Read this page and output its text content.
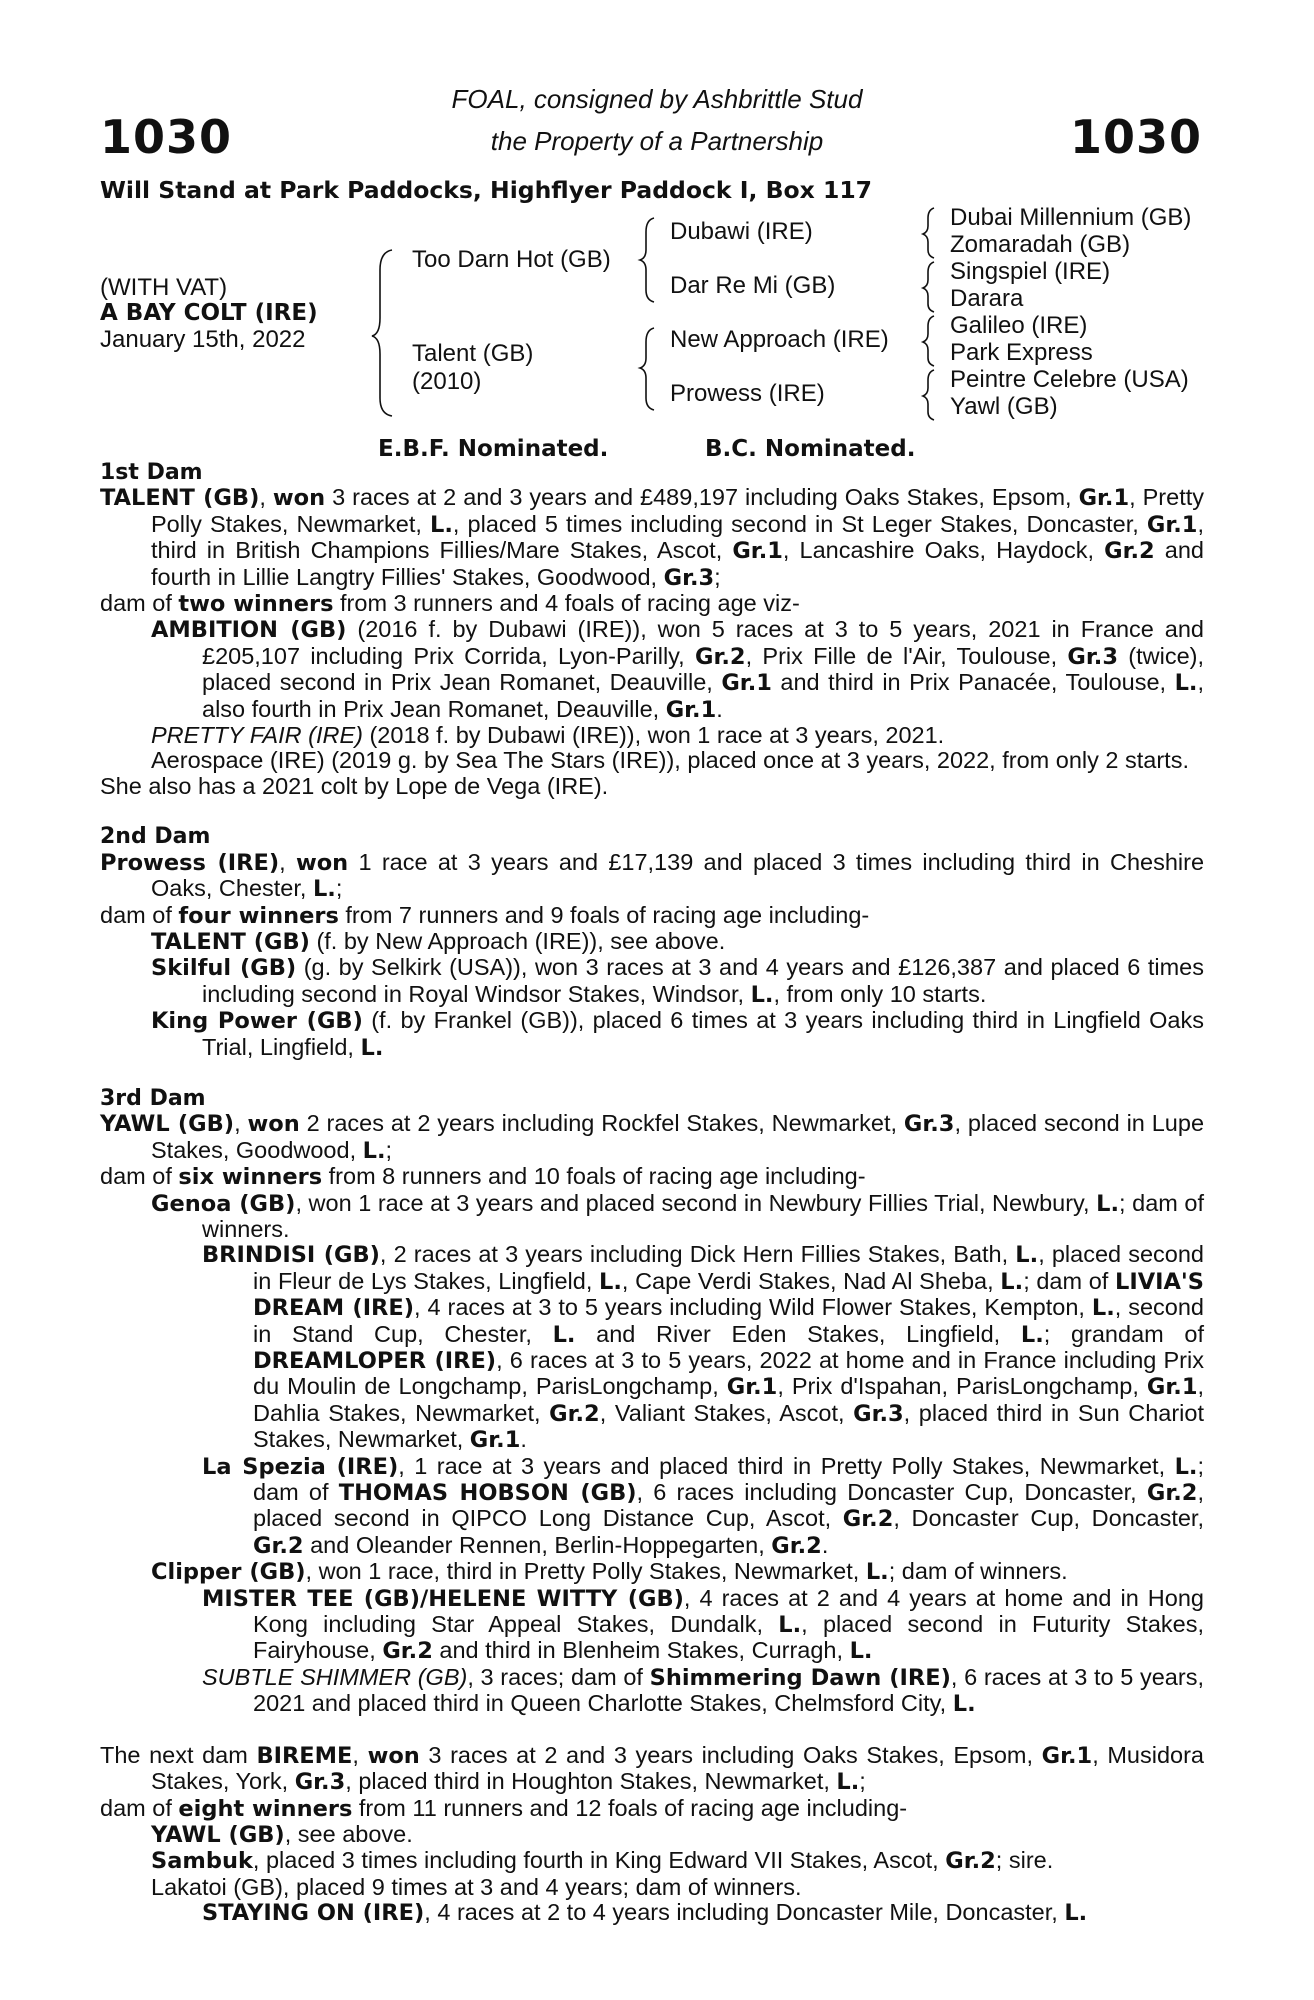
1030	1030
FOAL, consigned by Ashbrittle Stud
the Property of a Partnership
Will Stand at Park Paddocks, Highflyer Paddock I, Box 117
(WITH VAT)
A BAY COLT (IRE)
January 15th, 2022
Too Darn Hot (GB)
Talent (GB)
(2010)
Dubawi (IRE)
Dar Re Mi (GB)
New Approach (IRE)
Prowess (IRE)
Dubai Millennium (GB)
Zomaradah (GB)
Singspiel (IRE)
Darara
Galileo (IRE)
Park Express
Peintre Celebre (USA)
Yawl (GB)
E.B.F. Nominated.	B.C. Nominated.

1st Dam

TALENT (GB), won 3 races at 2 and 3 years and £489,197 including Oaks Stakes, Epsom, Gr.1, Pretty Polly Stakes, Newmarket, L., placed 5 times including second in St Leger Stakes, Doncaster, Gr.1, third in British Champions Fillies/Mare Stakes, Ascot, Gr.1, Lancashire Oaks, Haydock, Gr.2 and fourth in Lillie Langtry Fillies' Stakes, Goodwood, Gr.3;

dam of two winners from 3 runners and 4 foals of racing age viz-

AMBITION (GB) (2016 f. by Dubawi (IRE)), won 5 races at 3 to 5 years, 2021 in France and £205,107 including Prix Corrida, Lyon-Parilly, Gr.2, Prix Fille de l'Air, Toulouse, Gr.3 (twice), placed second in Prix Jean Romanet, Deauville, Gr.1 and third in Prix Panacée, Toulouse, L., also fourth in Prix Jean Romanet, Deauville, Gr.1.

PRETTY FAIR (IRE) (2018 f. by Dubawi (IRE)), won 1 race at 3 years, 2021.

Aerospace (IRE) (2019 g. by Sea The Stars (IRE)), placed once at 3 years, 2022, from only 2 starts.

She also has a 2021 colt by Lope de Vega (IRE).

2nd Dam

Prowess (IRE), won 1 race at 3 years and £17,139 and placed 3 times including third in Cheshire Oaks, Chester, L.;

dam of four winners from 7 runners and 9 foals of racing age including-

TALENT (GB) (f. by New Approach (IRE)), see above.

Skilful (GB) (g. by Selkirk (USA)), won 3 races at 3 and 4 years and £126,387 and placed 6 times including second in Royal Windsor Stakes, Windsor, L., from only 10 starts.

King Power (GB) (f. by Frankel (GB)), placed 6 times at 3 years including third in Lingfield Oaks Trial, Lingfield, L.

3rd Dam

YAWL (GB), won 2 races at 2 years including Rockfel Stakes, Newmarket, Gr.3, placed second in Lupe Stakes, Goodwood, L.;

dam of six winners from 8 runners and 10 foals of racing age including-

Genoa (GB), won 1 race at 3 years and placed second in Newbury Fillies Trial, Newbury, L.; dam of winners.

BRINDISI (GB), 2 races at 3 years including Dick Hern Fillies Stakes, Bath, L., placed second in Fleur de Lys Stakes, Lingfield, L., Cape Verdi Stakes, Nad Al Sheba, L.; dam of LIVIA'S DREAM (IRE), 4 races at 3 to 5 years including Wild Flower Stakes, Kempton, L., second in Stand Cup, Chester, L. and River Eden Stakes, Lingfield, L.; grandam of DREAMLOPER (IRE), 6 races at 3 to 5 years, 2022 at home and in France including Prix du Moulin de Longchamp, ParisLongchamp, Gr.1, Prix d'Ispahan, ParisLongchamp, Gr.1, Dahlia Stakes, Newmarket, Gr.2, Valiant Stakes, Ascot, Gr.3, placed third in Sun Chariot Stakes, Newmarket, Gr.1.

La Spezia (IRE), 1 race at 3 years and placed third in Pretty Polly Stakes, Newmarket, L.; dam of THOMAS HOBSON (GB), 6 races including Doncaster Cup, Doncaster, Gr.2, placed second in QIPCO Long Distance Cup, Ascot, Gr.2, Doncaster Cup, Doncaster, Gr.2 and Oleander Rennen, Berlin-Hoppegarten, Gr.2.

Clipper (GB), won 1 race, third in Pretty Polly Stakes, Newmarket, L.; dam of winners.

MISTER TEE (GB)/HELENE WITTY (GB), 4 races at 2 and 4 years at home and in Hong Kong including Star Appeal Stakes, Dundalk, L., placed second in Futurity Stakes, Fairyhouse, Gr.2 and third in Blenheim Stakes, Curragh, L.

SUBTLE SHIMMER (GB), 3 races; dam of Shimmering Dawn (IRE), 6 races at 3 to 5 years, 2021 and placed third in Queen Charlotte Stakes, Chelmsford City, L.

The next dam BIREME, won 3 races at 2 and 3 years including Oaks Stakes, Epsom, Gr.1, Musidora Stakes, York, Gr.3, placed third in Houghton Stakes, Newmarket, L.;

dam of eight winners from 11 runners and 12 foals of racing age including-

YAWL (GB), see above.

Sambuk, placed 3 times including fourth in King Edward VII Stakes, Ascot, Gr.2; sire.

Lakatoi (GB), placed 9 times at 3 and 4 years; dam of winners.

STAYING ON (IRE), 4 races at 2 to 4 years including Doncaster Mile, Doncaster, L.
